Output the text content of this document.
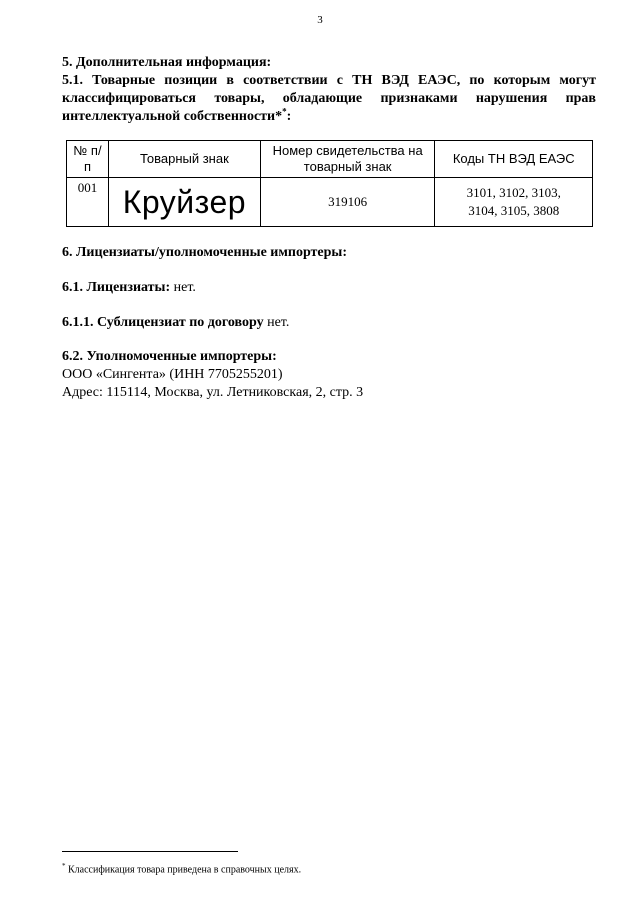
3
5. Дополнительная информация:
5.1. Товарные позиции в соответствии с ТН ВЭД ЕАЭС, по которым могут классифицироваться товары, обладающие признаками нарушения прав интеллектуальной собственности**:
№ п/п	Товарный знак	Номер свидетельства на товарный знак	Коды ТН ВЭД ЕАЭС
001	Круйзер	319106	3101, 3102, 3103,
3104, 3105, 3808
6. Лицензиаты/уполномоченные импортеры:
6.1. Лицензиаты: нет.
6.1.1. Сублицензиат по договору нет.
6.2. Уполномоченные импортеры:
ООО «Сингента» (ИНН 7705255201)
Адрес: 115114, Москва, ул. Летниковская, 2, стр. 3
* Классификация товара приведена в справочных целях.
